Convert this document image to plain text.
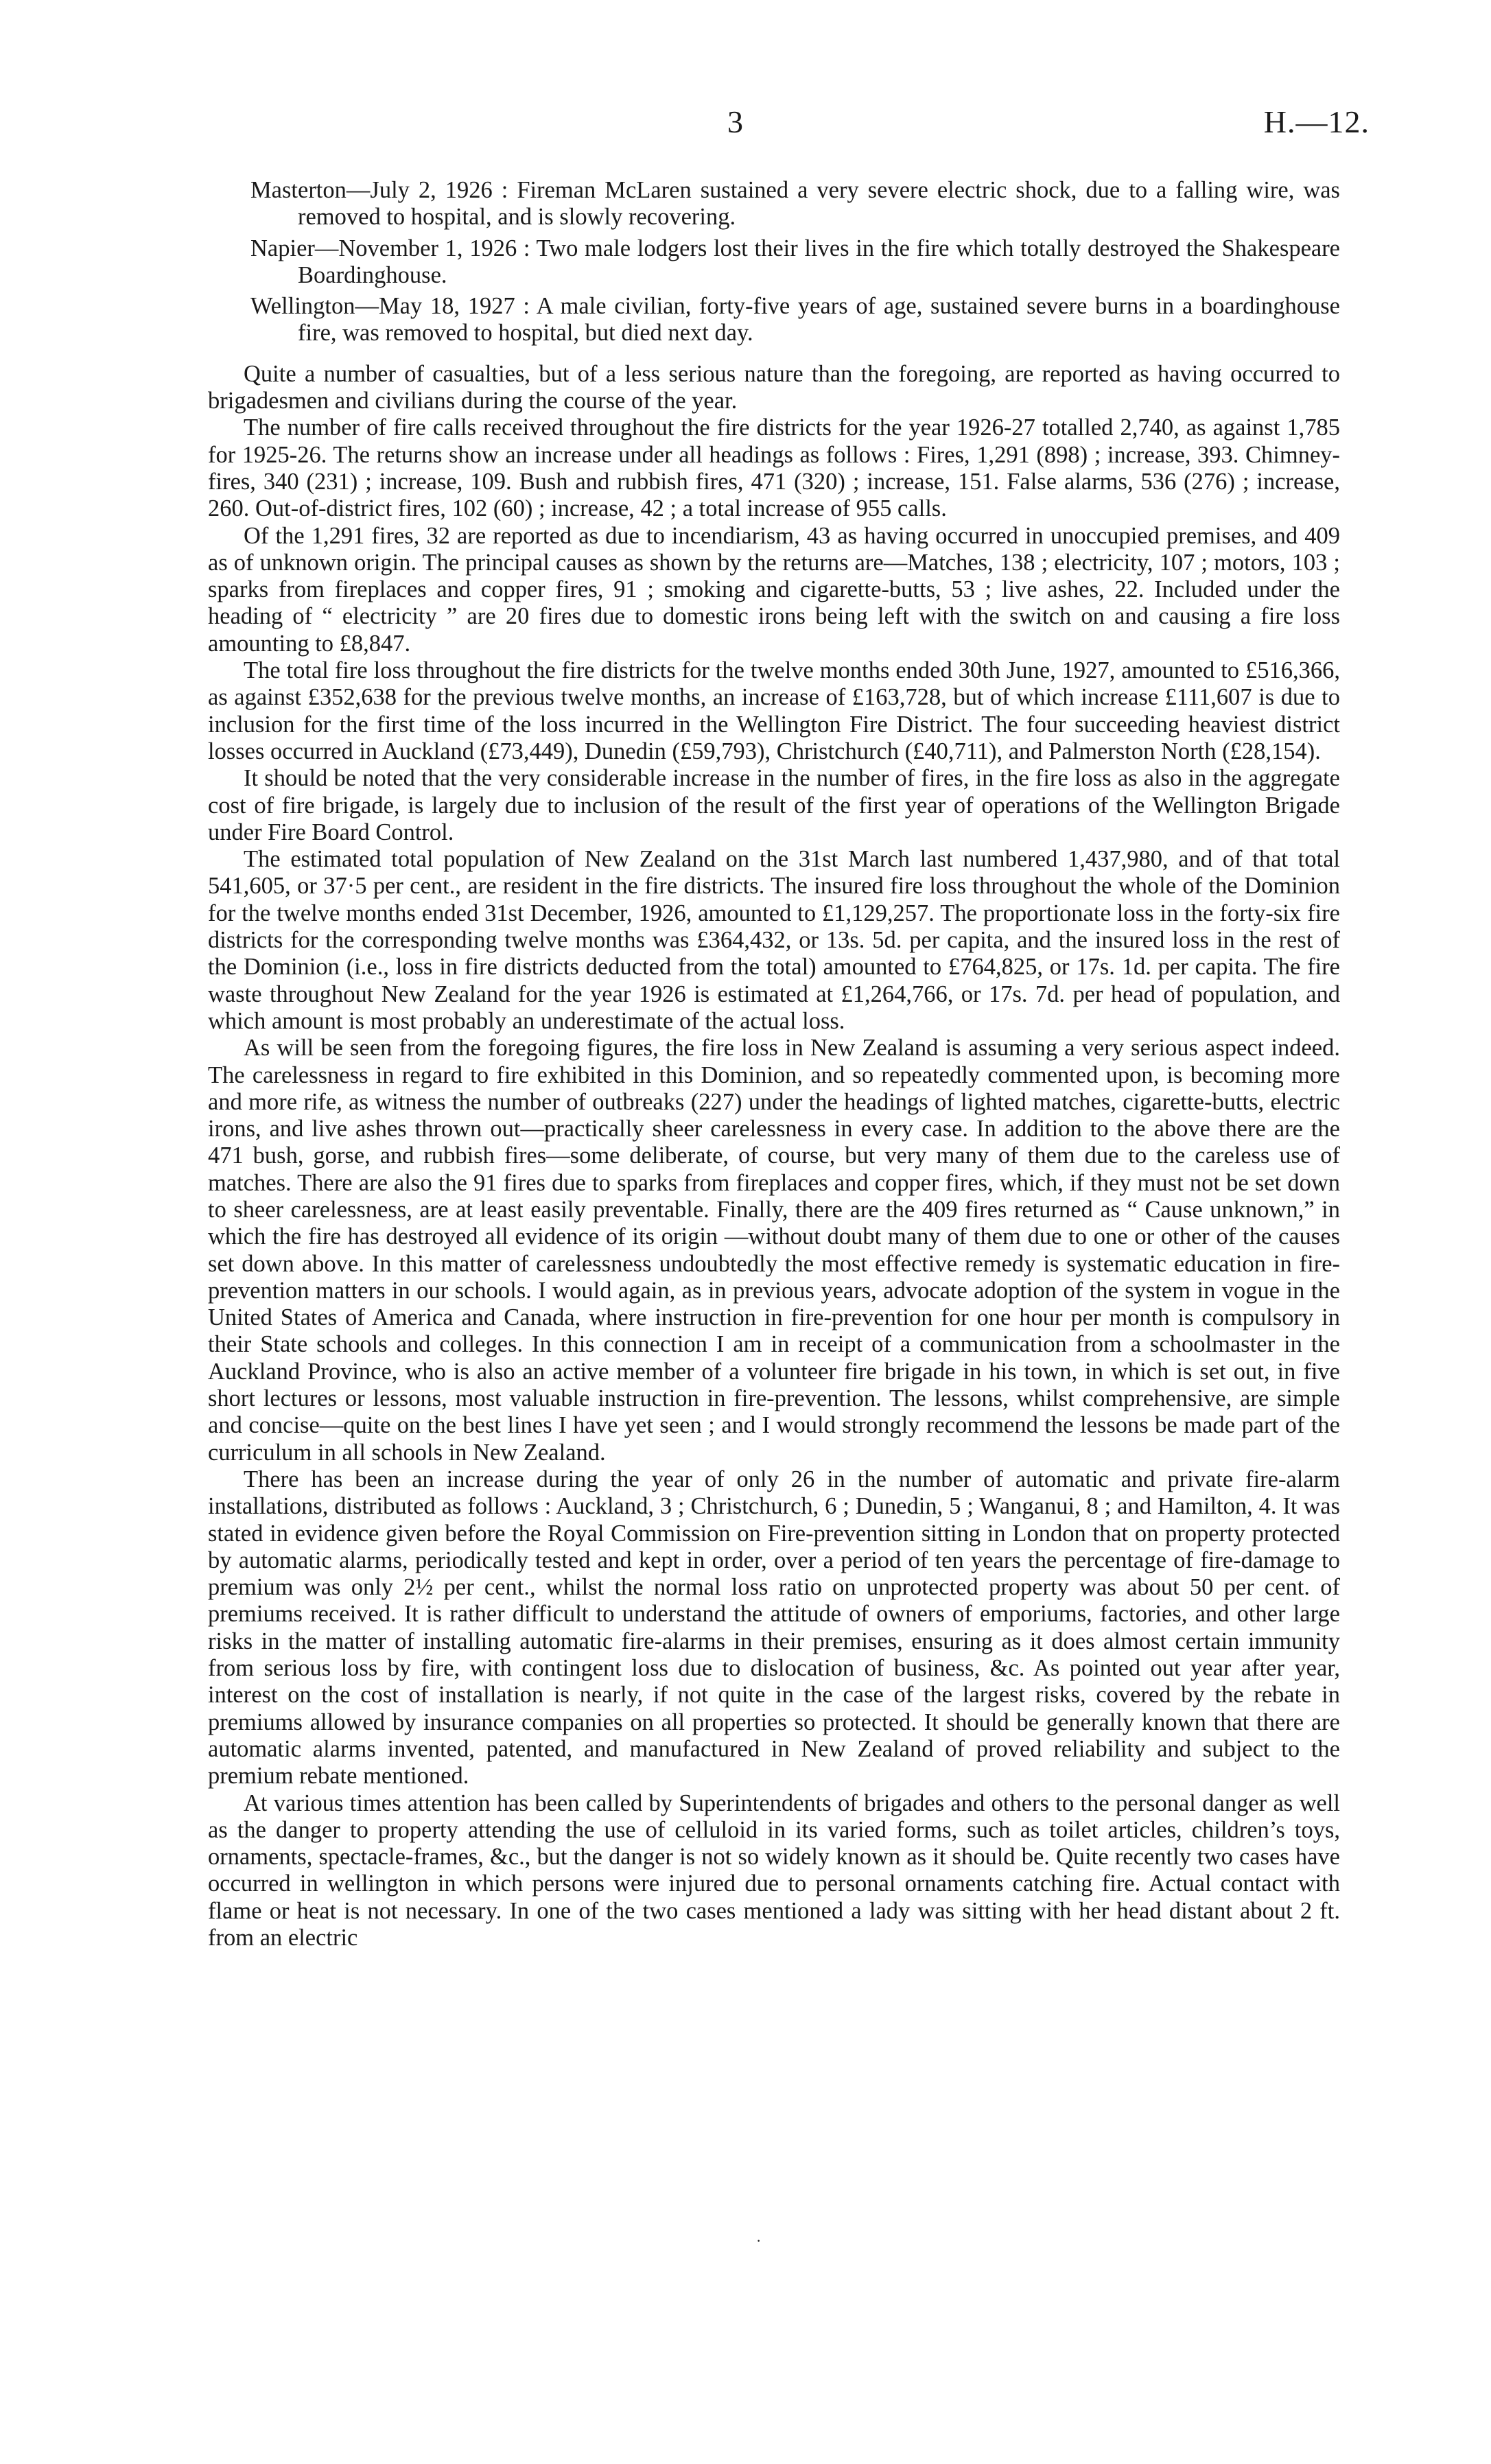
3	H.—12.

Masterton—July 2, 1926 : Fireman McLaren sustained a very severe electric shock, due to a falling wire, was removed to hospital, and is slowly recovering.

Napier—November 1, 1926 : Two male lodgers lost their lives in the fire which totally destroyed the Shakespeare Boardinghouse.

Wellington—May 18, 1927 : A male civilian, forty-five years of age, sustained severe burns in a boardinghouse fire, was removed to hospital, but died next day.

Quite a number of casualties, but of a less serious nature than the foregoing, are reported as having occurred to brigadesmen and civilians during the course of the year.

The number of fire calls received throughout the fire districts for the year 1926-27 totalled 2,740, as against 1,785 for 1925-26. The returns show an increase under all headings as follows : Fires, 1,291 (898) ; increase, 393. Chimney-fires, 340 (231) ; increase, 109. Bush and rubbish fires, 471 (320) ; increase, 151. False alarms, 536 (276) ; increase, 260. Out-of-district fires, 102 (60) ; increase, 42 ; a total increase of 955 calls.

Of the 1,291 fires, 32 are reported as due to incendiarism, 43 as having occurred in unoccupied premises, and 409 as of unknown origin. The principal causes as shown by the returns are—Matches, 138 ; electricity, 107 ; motors, 103 ; sparks from fireplaces and copper fires, 91 ; smoking and cigarette-butts, 53 ; live ashes, 22. Included under the heading of “ electricity ” are 20 fires due to domestic irons being left with the switch on and causing a fire loss amounting to £8,847.

The total fire loss throughout the fire districts for the twelve months ended 30th June, 1927, amounted to £516,366, as against £352,638 for the previous twelve months, an increase of £163,728, but of which increase £111,607 is due to inclusion for the first time of the loss incurred in the Wellington Fire District. The four succeeding heaviest district losses occurred in Auckland (£73,449), Dunedin (£59,793), Christchurch (£40,711), and Palmerston North (£28,154).

It should be noted that the very considerable increase in the number of fires, in the fire loss as also in the aggregate cost of fire brigade, is largely due to inclusion of the result of the first year of operations of the Wellington Brigade under Fire Board Control.

The estimated total population of New Zealand on the 31st March last numbered 1,437,980, and of that total 541,605, or 37·5 per cent., are resident in the fire districts. The insured fire loss throughout the whole of the Dominion for the twelve months ended 31st December, 1926, amounted to £1,129,257. The proportionate loss in the forty-six fire districts for the corresponding twelve months was £364,432, or 13s. 5d. per capita, and the insured loss in the rest of the Dominion (i.e., loss in fire districts deducted from the total) amounted to £764,825, or 17s. 1d. per capita. The fire waste throughout New Zealand for the year 1926 is estimated at £1,264,766, or 17s. 7d. per head of population, and which amount is most probably an underestimate of the actual loss.

As will be seen from the foregoing figures, the fire loss in New Zealand is assuming a very serious aspect indeed. The carelessness in regard to fire exhibited in this Dominion, and so repeatedly commented upon, is becoming more and more rife, as witness the number of outbreaks (227) under the headings of lighted matches, cigarette-butts, electric irons, and live ashes thrown out—practically sheer carelessness in every case. In addition to the above there are the 471 bush, gorse, and rubbish fires—some deliberate, of course, but very many of them due to the careless use of matches. There are also the 91 fires due to sparks from fireplaces and copper fires, which, if they must not be set down to sheer carelessness, are at least easily preventable. Finally, there are the 409 fires returned as “ Cause unknown,” in which the fire has destroyed all evidence of its origin —without doubt many of them due to one or other of the causes set down above. In this matter of carelessness undoubtedly the most effective remedy is systematic education in fire-prevention matters in our schools. I would again, as in previous years, advocate adoption of the system in vogue in the United States of America and Canada, where instruction in fire-prevention for one hour per month is compulsory in their State schools and colleges. In this connection I am in receipt of a communication from a schoolmaster in the Auckland Province, who is also an active member of a volunteer fire brigade in his town, in which is set out, in five short lectures or lessons, most valuable instruction in fire-prevention. The lessons, whilst comprehensive, are simple and concise—quite on the best lines I have yet seen ; and I would strongly recommend the lessons be made part of the curriculum in all schools in New Zealand.

There has been an increase during the year of only 26 in the number of automatic and private fire-alarm installations, distributed as follows : Auckland, 3 ; Christchurch, 6 ; Dunedin, 5 ; Wanganui, 8 ; and Hamilton, 4. It was stated in evidence given before the Royal Commission on Fire-prevention sitting in London that on property protected by automatic alarms, periodically tested and kept in order, over a period of ten years the percentage of fire-damage to premium was only 2½ per cent., whilst the normal loss ratio on unprotected property was about 50 per cent. of premiums received. It is rather difficult to understand the attitude of owners of emporiums, factories, and other large risks in the matter of installing automatic fire-alarms in their premises, ensuring as it does almost certain immunity from serious loss by fire, with contingent loss due to dislocation of business, &c. As pointed out year after year, interest on the cost of installation is nearly, if not quite in the case of the largest risks, covered by the rebate in premiums allowed by insurance companies on all properties so protected. It should be generally known that there are automatic alarms invented, patented, and manufactured in New Zealand of proved reliability and subject to the premium rebate mentioned.

At various times attention has been called by Superintendents of brigades and others to the personal danger as well as the danger to property attending the use of celluloid in its varied forms, such as toilet articles, children’s toys, ornaments, spectacle-frames, &c., but the danger is not so widely known as it should be. Quite recently two cases have occurred in wellington in which persons were injured due to personal ornaments catching fire. Actual contact with flame or heat is not necessary. In one of the two cases mentioned a lady was sitting with her head distant about 2 ft. from an electric

·
